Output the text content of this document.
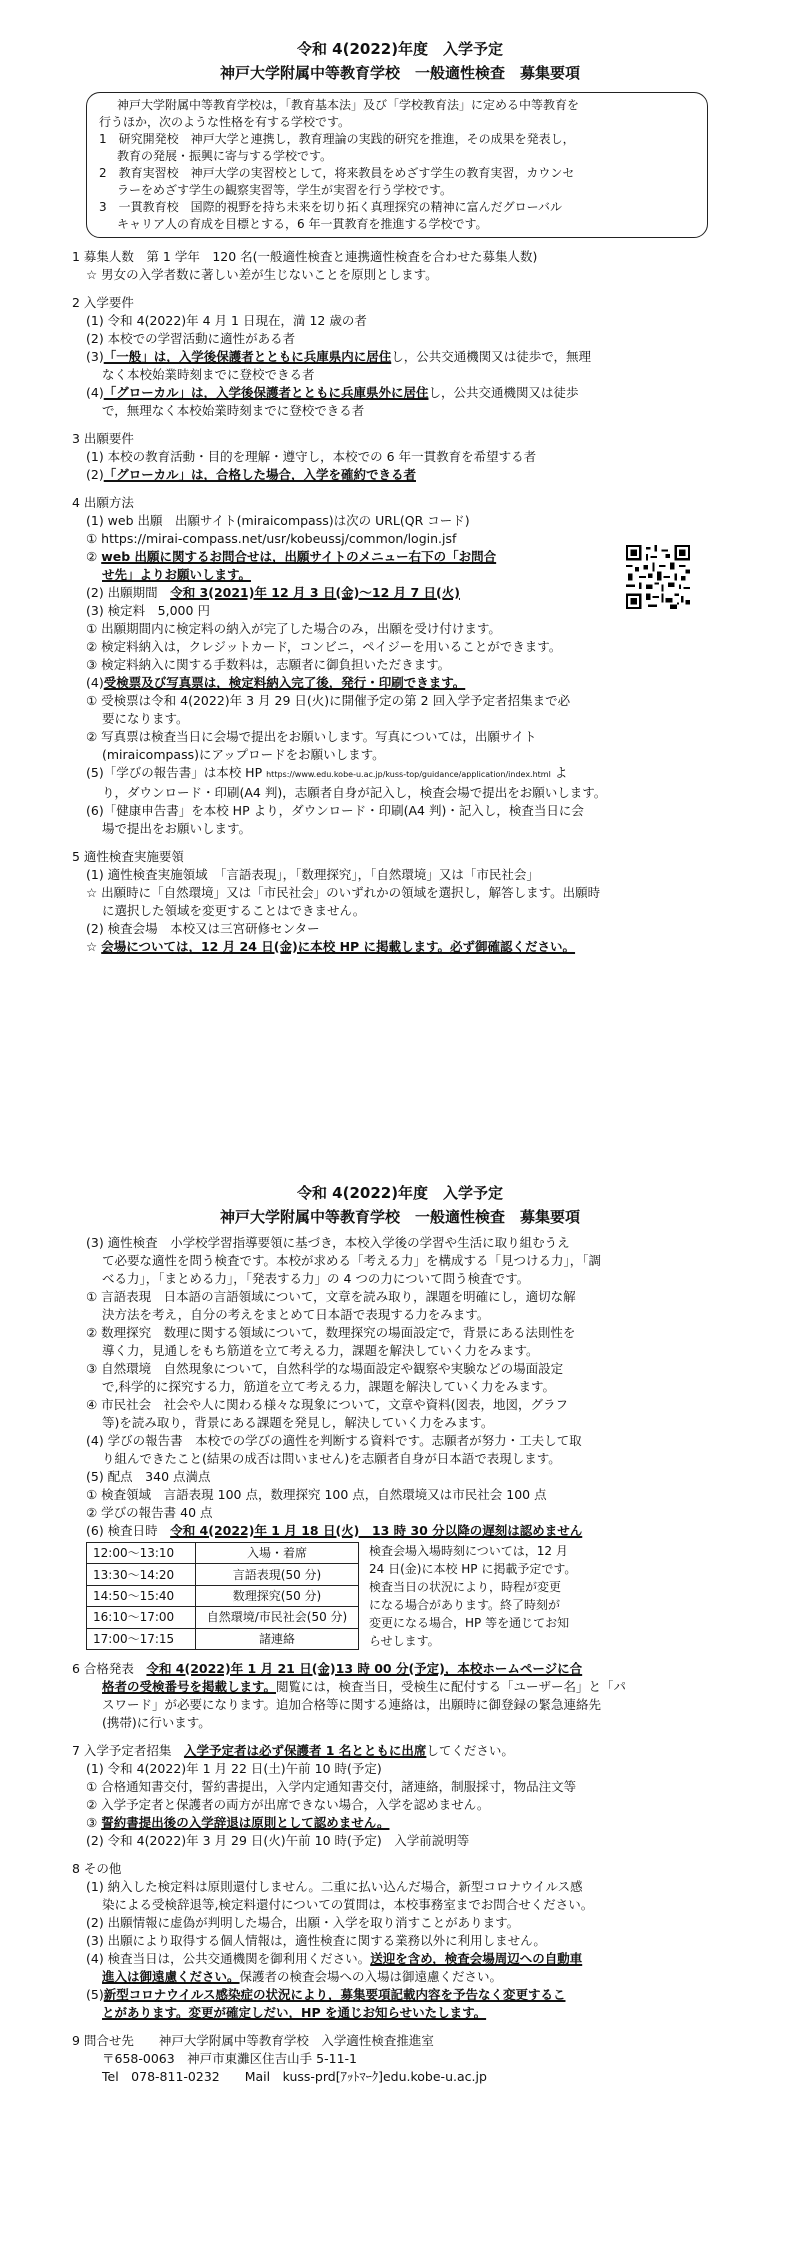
令和 4(2022)年度　入学予定
神戸大学附属中等教育学校　一般適性検査　募集要項

神戸大学附属中等教育学校は，「教育基本法」及び「学校教育法」に定める中等教育を

行うほか，次のような性格を有する学校です。

1　研究開発校　神戸大学と連携し，教育理論の実践的研究を推進，その成果を発表し，

教育の発展・振興に寄与する学校です。

2　教育実習校　神戸大学の実習校として，将来教員をめざす学生の教育実習，カウンセ

ラーをめざす学生の観察実習等，学生が実習を行う学校です。

3　一貫教育校　国際的視野を持ち未来を切り拓く真理探究の精神に富んだグローバル

キャリア人の育成を目標とする，6 年一貫教育を推進する学校です。

1 募集人数　第 1 学年　120 名(一般適性検査と連携適性検査を合わせた募集人数)
☆ 男女の入学者数に著しい差が生じないことを原則とします。
2 入学要件
(1) 令和 4(2022)年 4 月 1 日現在，満 12 歳の者
(2) 本校での学習活動に適性がある者
(3)「一般」は，入学後保護者とともに兵庫県内に居住し，公共交通機関又は徒歩で，無理
なく本校始業時刻までに登校できる者
(4)「グローカル」は，入学後保護者とともに兵庫県外に居住し，公共交通機関又は徒歩
で，無理なく本校始業時刻までに登校できる者
3 出願要件
(1) 本校の教育活動・目的を理解・遵守し，本校での 6 年一貫教育を希望する者
(2)「グローカル」は，合格した場合，入学を確約できる者
4 出願方法
(1) web 出願　出願サイト(miraicompass)は次の URL(QR コード)
① https://mirai-compass.net/usr/kobeussj/common/login.jsf
② web 出願に関するお問合せは，出願サイトのメニュー右下の「お問合
せ先」よりお願いします。
(2) 出願期間　令和 3(2021)年 12 月 3 日(金)～12 月 7 日(火)
(3) 検定料　5,000 円
① 出願期間内に検定料の納入が完了した場合のみ，出願を受け付けます。
② 検定料納入は，クレジットカード，コンビニ，ペイジーを用いることができます。
③ 検定料納入に関する手数料は，志願者に御負担いただきます。
(4)受検票及び写真票は，検定料納入完了後，発行・印刷できます。
① 受検票は令和 4(2022)年 3 月 29 日(火)に開催予定の第 2 回入学予定者招集まで必
要になります。
② 写真票は検査当日に会場で提出をお願いします。写真については，出願サイト
(miraicompass)にアップロードをお願いします。
(5)「学びの報告書」は本校 HP https://www.edu.kobe-u.ac.jp/kuss-top/guidance/application/index.html よ
り，ダウンロード・印刷(A4 判)，志願者自身が記入し，検査会場で提出をお願いします。
(6)「健康申告書」を本校 HP より，ダウンロード・印刷(A4 判)・記入し，検査当日に会
場で提出をお願いします。
5 適性検査実施要領
(1) 適性検査実施領域　「言語表現」，「数理探究」，「自然環境」又は「市民社会」
☆ 出願時に「自然環境」又は「市民社会」のいずれかの領域を選択し，解答します。出願時
に選択した領域を変更することはできません。
(2) 検査会場　本校又は三宮研修センター
☆ 会場については，12 月 24 日(金)に本校 HP に掲載します。必ず御確認ください。
令和 4(2022)年度　入学予定
神戸大学附属中等教育学校　一般適性検査　募集要項
(3) 適性検査　小学校学習指導要領に基づき，本校入学後の学習や生活に取り組むうえ
て必要な適性を問う検査です。本校が求める「考える力」を構成する「見つける力」，「調
べる力」，「まとめる力」，「発表する力」の 4 つの力について問う検査です。
① 言語表現　日本語の言語領域について，文章を読み取り，課題を明確にし，適切な解
決方法を考え，自分の考えをまとめて日本語で表現する力をみます。
② 数理探究　数理に関する領域について，数理探究の場面設定で，背景にある法則性を
導く力，見通しをもち筋道を立て考える力，課題を解決していく力をみます。
③ 自然環境　自然現象について，自然科学的な場面設定や観察や実験などの場面設定
で,科学的に探究する力，筋道を立て考える力，課題を解決していく力をみます。
④ 市民社会　社会や人に関わる様々な現象について，文章や資料(図表，地図，グラフ
等)を読み取り，背景にある課題を発見し，解決していく力をみます。
(4) 学びの報告書　本校での学びの適性を判断する資料です。志願者が努力・工夫して取
り組んできたこと(結果の成否は問いません)を志願者自身が日本語で表現します。
(5) 配点　340 点満点
① 検査領域　言語表現 100 点，数理探究 100 点，自然環境又は市民社会 100 点
② 学びの報告書 40 点
(6) 検査日時　令和 4(2022)年 1 月 18 日(火)　13 時 30 分以降の遅刻は認めません
12:00～13:10	入場・着席
13:30～14:20	言語表現(50 分)
14:50～15:40	数理探究(50 分)
16:10～17:00	自然環境/市民社会(50 分)
17:00～17:15	諸連絡
検査会場入場時刻については，12 月
24 日(金)に本校 HP に掲載予定です。
検査当日の状況により，時程が変更
になる場合があります。終了時刻が
変更になる場合，HP 等を通じてお知
らせします。
6 合格発表　令和 4(2022)年 1 月 21 日(金)13 時 00 分(予定)，本校ホームページに合
格者の受検番号を掲載します。閲覧には，検査当日，受検生に配付する「ユーザー名」と「パ
スワード」が必要になります。追加合格等に関する連絡は，出願時に御登録の緊急連絡先
(携帯)に行います。
7 入学予定者招集　入学予定者は必ず保護者 1 名とともに出席してください。
(1) 令和 4(2022)年 1 月 22 日(土)午前 10 時(予定)
① 合格通知書交付，誓約書提出，入学内定通知書交付，諸連絡，制服採寸，物品注文等
② 入学予定者と保護者の両方が出席できない場合，入学を認めません。
③ 誓約書提出後の入学辞退は原則として認めません。
(2) 令和 4(2022)年 3 月 29 日(火)午前 10 時(予定)　入学前説明等
8 その他
(1) 納入した検定料は原則還付しません。二重に払い込んだ場合，新型コロナウイルス感
染による受検辞退等,検定料還付についての質問は，本校事務室までお問合せください。
(2) 出願情報に虚偽が判明した場合，出願・入学を取り消すことがあります。
(3) 出願により取得する個人情報は，適性検査に関する業務以外に利用しません。
(4) 検査当日は，公共交通機関を御利用ください。送迎を含め，検査会場周辺への自動車
進入は御遠慮ください。保護者の検査会場への入場は御遠慮ください。
(5)新型コロナウイルス感染症の状況により，募集要項記載内容を予告なく変更するこ
とがあります。変更が確定しだい，HP を通じお知らせいたします。
9 問合せ先　　神戸大学附属中等教育学校　入学適性検査推進室
〒658-0063　神戸市東灘区住吉山手 5-11-1
Tel　078-811-0232　　Mail　kuss-prd[ｱｯﾄﾏｰｸ]edu.kobe-u.ac.jp
